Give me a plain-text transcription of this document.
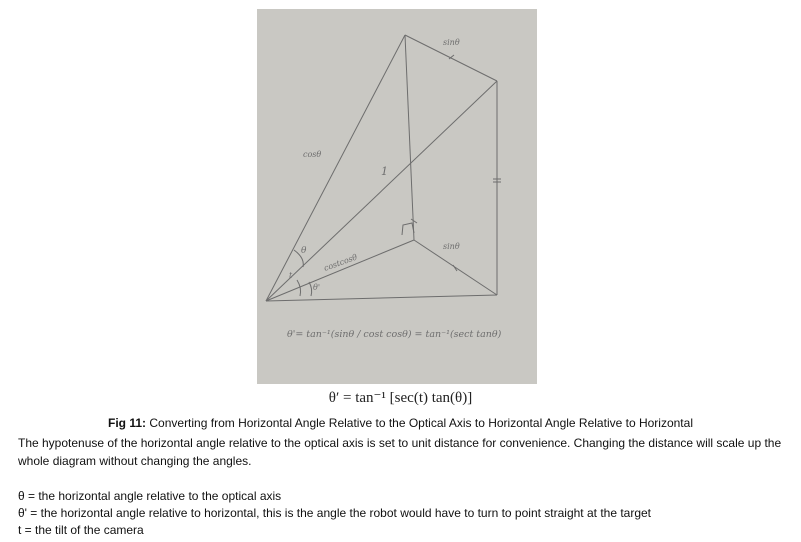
sinθ
cosθ
1
θ
costcosθ
sinθ
t
θ'
θ'= tan⁻¹(sinθ / cost cosθ) = tan⁻¹(sect tanθ)
θ′ = tan⁻¹ [sec(t) tan(θ)]
Fig 11: Converting from Horizontal Angle Relative to the Optical Axis to Horizontal Angle Relative to Horizontal
The hypotenuse of the horizontal angle relative to the optical axis is set to unit distance for convenience. Changing the distance will scale up the whole diagram without changing the angles.
θ = the horizontal angle relative to the optical axis
θ' = the horizontal angle relative to horizontal, this is the angle the robot would have to turn to point straight at the target
t = the tilt of the camera
